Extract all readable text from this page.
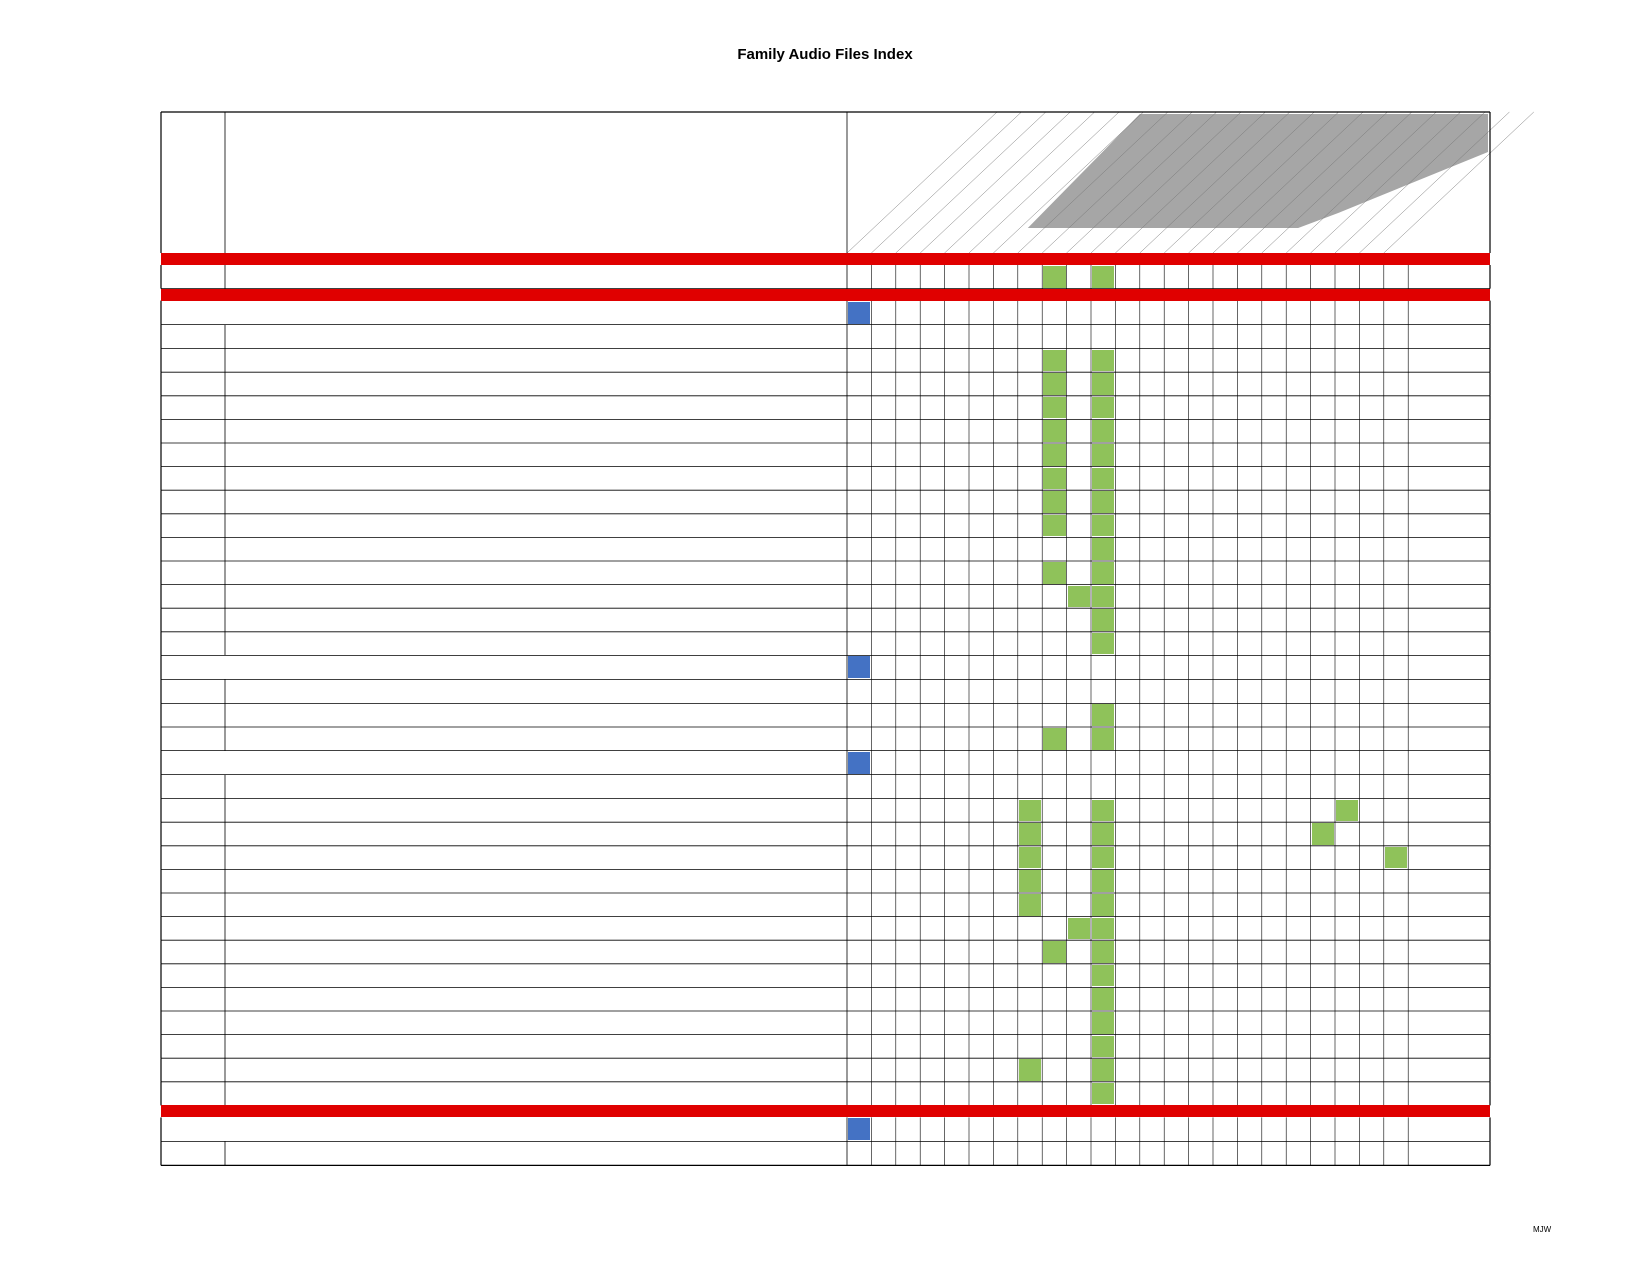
Family Audio Files Index
MJW
